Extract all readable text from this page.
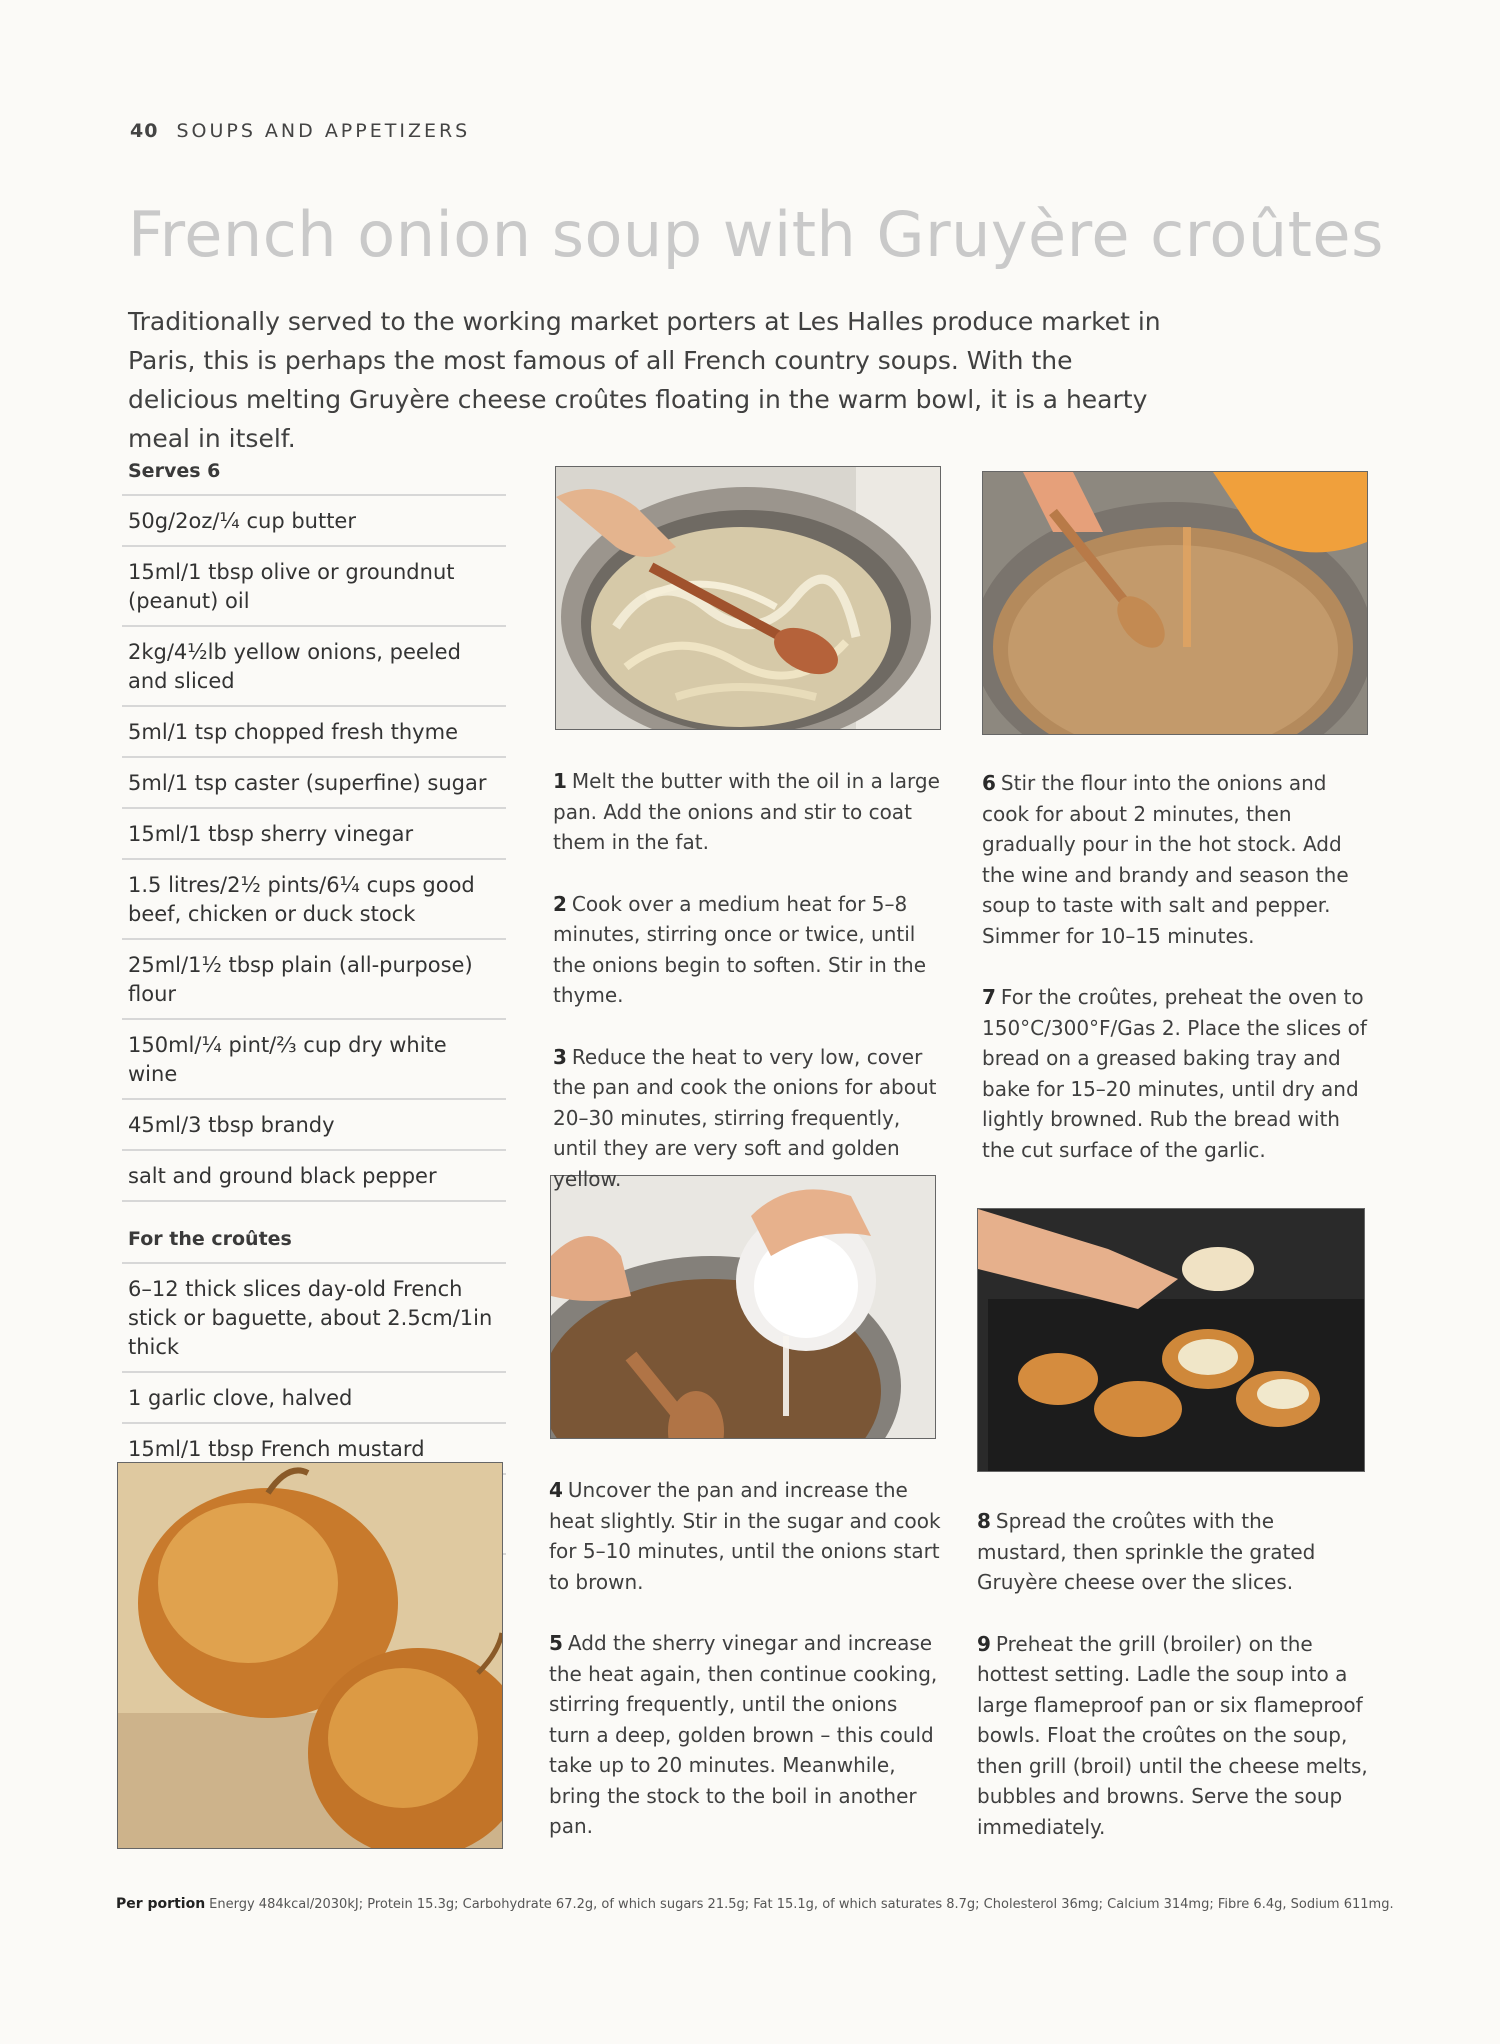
40 SOUPS AND APPETIZERS
French onion soup with Gruyère croûtes

Traditionally served to the working market porters at Les Halles produce market in Paris, this is perhaps the most famous of all French country soups. With the delicious melting Gruyère cheese croûtes floating in the warm bowl, it is a hearty meal in itself.

Serves 6
50g/2oz/¼ cup butter
15ml/1 tbsp olive or groundnut (peanut) oil
2kg/4½lb yellow onions, peeled and sliced
5ml/1 tsp chopped fresh thyme
5ml/1 tsp caster (superfine) sugar
15ml/1 tbsp sherry vinegar
1.5 litres/2½ pints/6¼ cups good beef, chicken or duck stock
25ml/1½ tbsp plain (all-purpose) flour
150ml/¼ pint/⅔ cup dry white wine
45ml/3 tbsp brandy
salt and ground black pepper
For the croûtes
6–12 thick slices day-old French stick or baguette, about 2.5cm/1in thick
1 garlic clove, halved
15ml/1 tbsp French mustard

1 Melt the butter with the oil in a large pan. Add the onions and stir to coat them in the fat.

2 Cook over a medium heat for 5–8 minutes, stirring once or twice, until the onions begin to soften. Stir in the thyme.

3 Reduce the heat to very low, cover the pan and cook the onions for about 20–30 minutes, stirring frequently, until they are very soft and golden yellow.

4 Uncover the pan and increase the heat slightly. Stir in the sugar and cook for 5–10 minutes, until the onions start to brown.

5 Add the sherry vinegar and increase the heat again, then continue cooking, stirring frequently, until the onions turn a deep, golden brown – this could take up to 20 minutes. Meanwhile, bring the stock to the boil in another pan.

6 Stir the flour into the onions and cook for about 2 minutes, then gradually pour in the hot stock. Add the wine and brandy and season the soup to taste with salt and pepper. Simmer for 10–15 minutes.

7 For the croûtes, preheat the oven to 150°C/300°F/Gas 2. Place the slices of bread on a greased baking tray and bake for 15–20 minutes, until dry and lightly browned. Rub the bread with the cut surface of the garlic.

8 Spread the croûtes with the mustard, then sprinkle the grated Gruyère cheese over the slices.

9 Preheat the grill (broiler) on the hottest setting. Ladle the soup into a large flameproof pan or six flameproof bowls. Float the croûtes on the soup, then grill (broil) until the cheese melts, bubbles and browns. Serve the soup immediately.

Per portion Energy 484kcal/2030kJ; Protein 15.3g; Carbohydrate 67.2g, of which sugars 21.5g; Fat 15.1g, of which saturates 8.7g; Cholesterol 36mg; Calcium 314mg; Fibre 6.4g, Sodium 611mg.
